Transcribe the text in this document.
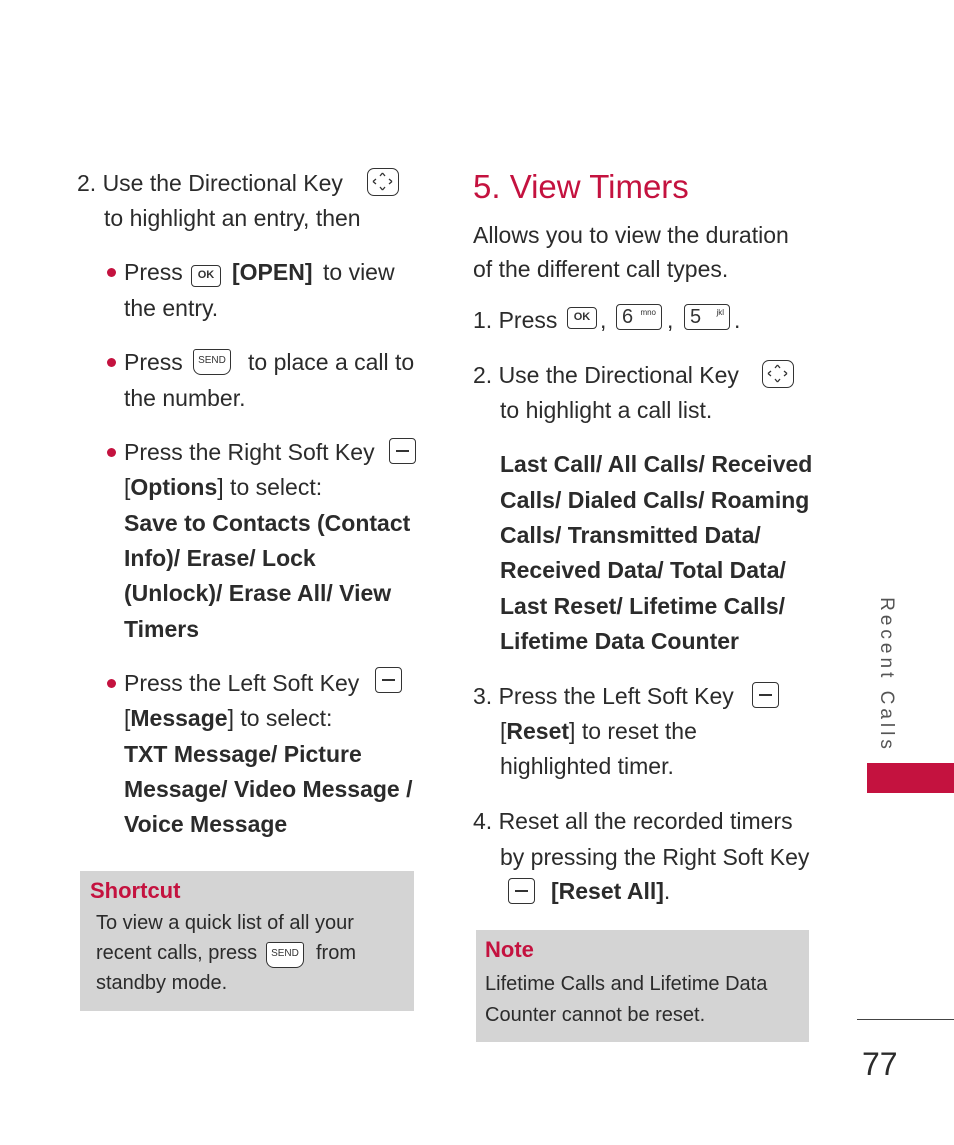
2. Use the Directional Key
to highlight an entry, then
Press	OK [OPEN] to view
the entry.
Press	SEND to place a call to
the number.
Press the Right Soft Key
[Options] to select:
Save to Contacts (Contact
Info)/ Erase/ Lock
(Unlock)/ Erase All/ View
Timers
Press the Left Soft Key
[Message] to select:
TXT Message/ Picture
Message/ Video Message /
Voice Message
Shortcut
To view a quick list of all your
recent calls, press	SEND from
standby mode.
5. View Timers
Allows you to view the duration
of the different call types.
1. Press	OK , 6 mno , 5 jkl .
2. Use the Directional Key
to highlight a call list.
Last Call/ All Calls/ Received
Calls/ Dialed Calls/ Roaming
Calls/ Transmitted Data/
Received Data/ Total Data/
Last Reset/ Lifetime Calls/
Lifetime Data Counter
3. Press the Left Soft Key
[Reset] to reset the
highlighted timer.
4. Reset all the recorded timers
by pressing the Right Soft Key
[Reset All].
Note
Lifetime Calls and Lifetime Data
Counter cannot be reset.
Recent Calls
77
